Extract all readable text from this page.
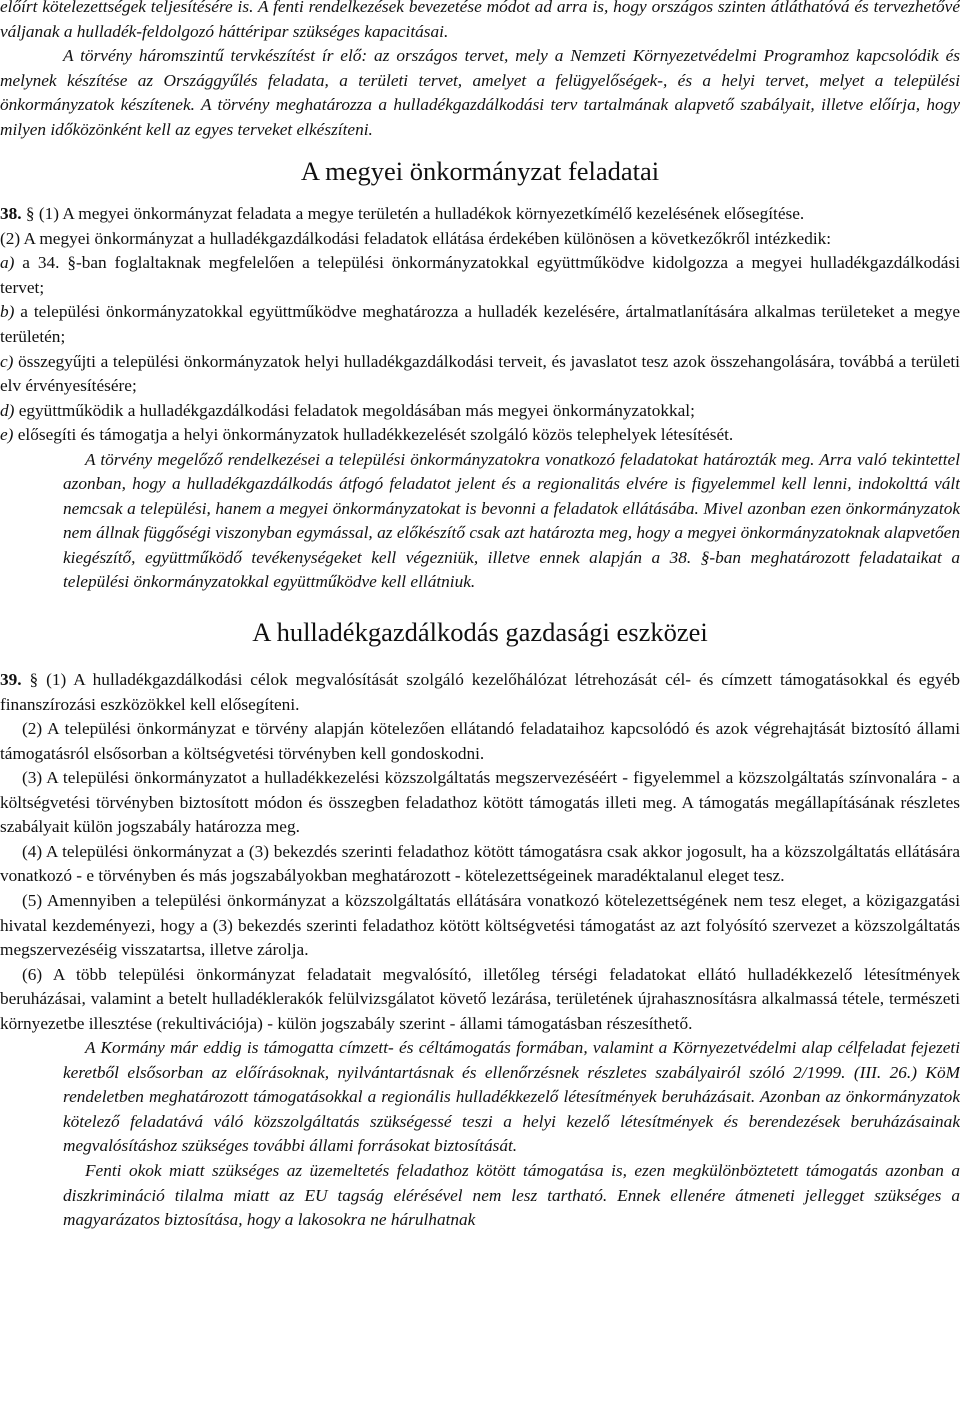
előírt kötelezettségek teljesítésére is. A fenti rendelkezések bevezetése módot ad arra is, hogy országos szinten átláthatóvá és tervezhetővé váljanak a hulladék-feldolgozó háttéripar szükséges kapacitásai.

A törvény háromszintű tervkészítést ír elő: az országos tervet, mely a Nemzeti Környezetvédelmi Programhoz kapcsolódik és melynek készítése az Országgyűlés feladata, a területi tervet, amelyet a felügyelőségek-, és a helyi tervet, melyet a települési önkormányzatok készítenek. A törvény meghatározza a hulladékgazdálkodási terv tartalmának alapvető szabályait, illetve előírja, hogy milyen időközönként kell az egyes terveket elkészíteni.

A megyei önkormányzat feladatai

38. § (1) A megyei önkormányzat feladata a megye területén a hulladékok környezetkímélő kezelésének elősegítése.

(2) A megyei önkormányzat a hulladékgazdálkodási feladatok ellátása érdekében különösen a következőkről intézkedik:

a) a 34. §-ban foglaltaknak megfelelően a települési önkormányzatokkal együttműködve kidolgozza a megyei hulladékgazdálkodási tervet;

b) a települési önkormányzatokkal együttműködve meghatározza a hulladék kezelésére, ártalmatlanítására alkalmas területeket a megye területén;

c) összegyűjti a települési önkormányzatok helyi hulladékgazdálkodási terveit, és javaslatot tesz azok összehangolására, továbbá a területi elv érvényesítésére;

d) együttműködik a hulladékgazdálkodási feladatok megoldásában más megyei önkormányzatokkal;

e) elősegíti és támogatja a helyi önkormányzatok hulladékkezelését szolgáló közös telephelyek létesítését.

A törvény megelőző rendelkezései a települési önkormányzatokra vonatkozó feladatokat határozták meg. Arra való tekintettel azonban, hogy a hulladékgazdálkodás átfogó feladatot jelent és a regionalitás elvére is figyelemmel kell lenni, indokolttá vált nemcsak a települési, hanem a megyei önkormányzatokat is bevonni a feladatok ellátásába. Mivel azonban ezen önkormányzatok nem állnak függőségi viszonyban egymással, az előkészítő csak azt határozta meg, hogy a megyei önkormányzatoknak alapvetően kiegészítő, együttműködő tevékenységeket kell végezniük, illetve ennek alapján a 38. §-ban meghatározott feladataikat a települési önkormányzatokkal együttműködve kell ellátniuk.

A hulladékgazdálkodás gazdasági eszközei

39. § (1) A hulladékgazdálkodási célok megvalósítását szolgáló kezelőhálózat létrehozását cél- és címzett támogatásokkal és egyéb finanszírozási eszközökkel kell elősegíteni.

(2) A települési önkormányzat e törvény alapján kötelezően ellátandó feladataihoz kapcsolódó és azok végrehajtását biztosító állami támogatásról elsősorban a költségvetési törvényben kell gondoskodni.

(3) A települési önkormányzatot a hulladékkezelési közszolgáltatás megszervezéséért - figyelemmel a közszolgáltatás színvonalára - a költségvetési törvényben biztosított módon és összegben feladathoz kötött támogatás illeti meg. A támogatás megállapításának részletes szabályait külön jogszabály határozza meg.

(4) A települési önkormányzat a (3) bekezdés szerinti feladathoz kötött támogatásra csak akkor jogosult, ha a közszolgáltatás ellátására vonatkozó - e törvényben és más jogszabályokban meghatározott - kötelezettségeinek maradéktalanul eleget tesz.

(5) Amennyiben a települési önkormányzat a közszolgáltatás ellátására vonatkozó kötelezettségének nem tesz eleget, a közigazgatási hivatal kezdeményezi, hogy a (3) bekezdés szerinti feladathoz kötött költségvetési támogatást az azt folyósító szervezet a közszolgáltatás megszervezéséig visszatartsa, illetve zárolja.

(6) A több települési önkormányzat feladatait megvalósító, illetőleg térségi feladatokat ellátó hulladékkezelő létesítmények beruházásai, valamint a betelt hulladéklerakók felülvizsgálatot követő lezárása, területének újrahasznosításra alkalmassá tétele, természeti környezetbe illesztése (rekultivációja) - külön jogszabály szerint - állami támogatásban részesíthető.

A Kormány már eddig is támogatta címzett- és céltámogatás formában, valamint a Környezetvédelmi alap célfeladat fejezeti keretből elsősorban az előírásoknak, nyilvántartásnak és ellenőrzésnek részletes szabályairól szóló 2/1999. (III. 26.) KöM rendeletben meghatározott támogatásokkal a regionális hulladékkezelő létesítmények beruházásait. Azonban az önkormányzatok kötelező feladatává váló közszolgáltatás szükségessé teszi a helyi kezelő létesítmények és berendezések beruházásainak megvalósításhoz szükséges további állami forrásokat biztosítását.

Fenti okok miatt szükséges az üzemeltetés feladathoz kötött támogatása is, ezen megkülönböztetett támogatás azonban a diszkrimináció tilalma miatt az EU tagság elérésével nem lesz tartható. Ennek ellenére átmeneti jellegget szükséges a magyarázatos biztosítása, hogy a lakosokra ne hárulhatnak
